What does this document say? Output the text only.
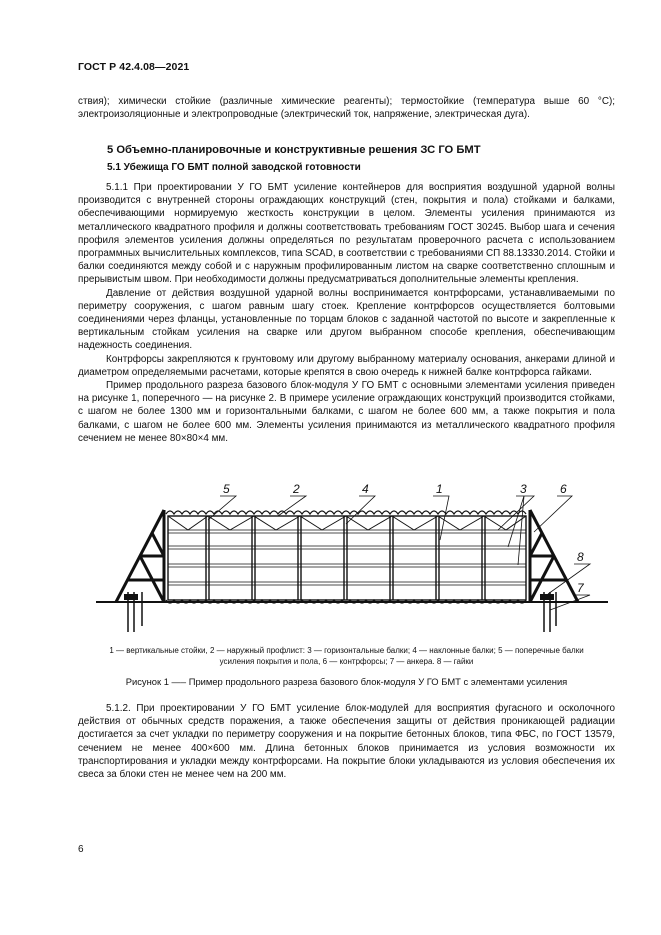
ГОСТ Р 42.4.08—2021

ствия); химически стойкие (различные химические реагенты); термостойкие (температура выше 60 °С); электроизоляционные и электропроводные (электрический ток, напряжение, электрическая дуга).

5 Объемно-планировочные и конструктивные решения ЗС ГО БМТ
5.1 Убежища ГО БМТ полной заводской готовности

5.1.1 При проектировании У ГО БМТ усиление контейнеров для восприятия воздушной ударной волны производится с внутренней стороны ограждающих конструкций (стен, покрытия и пола) стойками и балками, обеспечивающими нормируемую жесткость конструкции в целом. Элементы усиления принимаются из металлического квадратного профиля и должны соответствовать требованиям ГОСТ 30245. Выбор шага и сечения профиля элементов усиления должны определяться по результатам проверочного расчета с использованием программных вычислительных комплексов, типа SCAD, в соответствии с требованиями СП 88.13330.2014. Стойки и балки соединяются между собой и с наружным профилированным листом на сварке соответственно сплошным и прерывистым швом. При необходимости должны предусматриваться дополнительные элементы крепления.

Давление от действия воздушной ударной волны воспринимается контрфорсами, устанавливаемыми по периметру сооружения, с шагом равным шагу стоек. Крепление контрфорсов осуществляется болтовыми соединениями через фланцы, установленные по торцам блоков с заданной частотой по высоте и закрепленные к вертикальным стойкам усиления на сварке или другом выбранном способе крепления, обеспечивающим надежность соединения.

Контрфорсы закрепляются к грунтовому или другому выбранному материалу основания, анкерами длиной и диаметром определяемыми расчетами, которые крепятся в свою очередь к нижней балке контрфорса гайками.

Пример продольного разреза базового блок-модуля У ГО БМТ с основными элементами усиления приведен на рисунке 1, поперечного — на рисунке 2. В примере усиление ограждающих конструкций производится стойками, с шагом не более 1300 мм и горизонтальными балками, с шагом не более 600 мм, а также покрытия и пола балками, с шагом не более 600 мм. Элементы усиления принимаются из металлического квадратного профиля сечением не менее 80×80×4 мм.

5	2	4	1	3	6
8
7
1 — вертикальные стойки, 2 — наружный профлист: 3 — горизонтальные балки; 4 — наклонные балки; 5 — поперечные балки
усиления покрытия и пола, 6 — контрфорсы; 7 — анкера. 8 — гайки
Рисунок 1 —– Пример продольного разреза базового блок-модуля У ГО БМТ с элементами усиления

5.1.2. При проектировании У ГО БМТ усиление блок-модулей для восприятия фугасного и осколочного действия от обычных средств поражения, а также обеспечения защиты от действия проникающей радиации достигается за счет укладки по периметру сооружения и на покрытие бетонных блоков, типа ФБС, по ГОСТ 13579, сечением не менее 400×600 мм. Длина бетонных блоков принимается из условия возможности их транспортирования и укладки между контрфорсами. На покрытие блоки укладываются из условия обеспечения их свеса за блоки стен не менее чем на 200 мм.

6
